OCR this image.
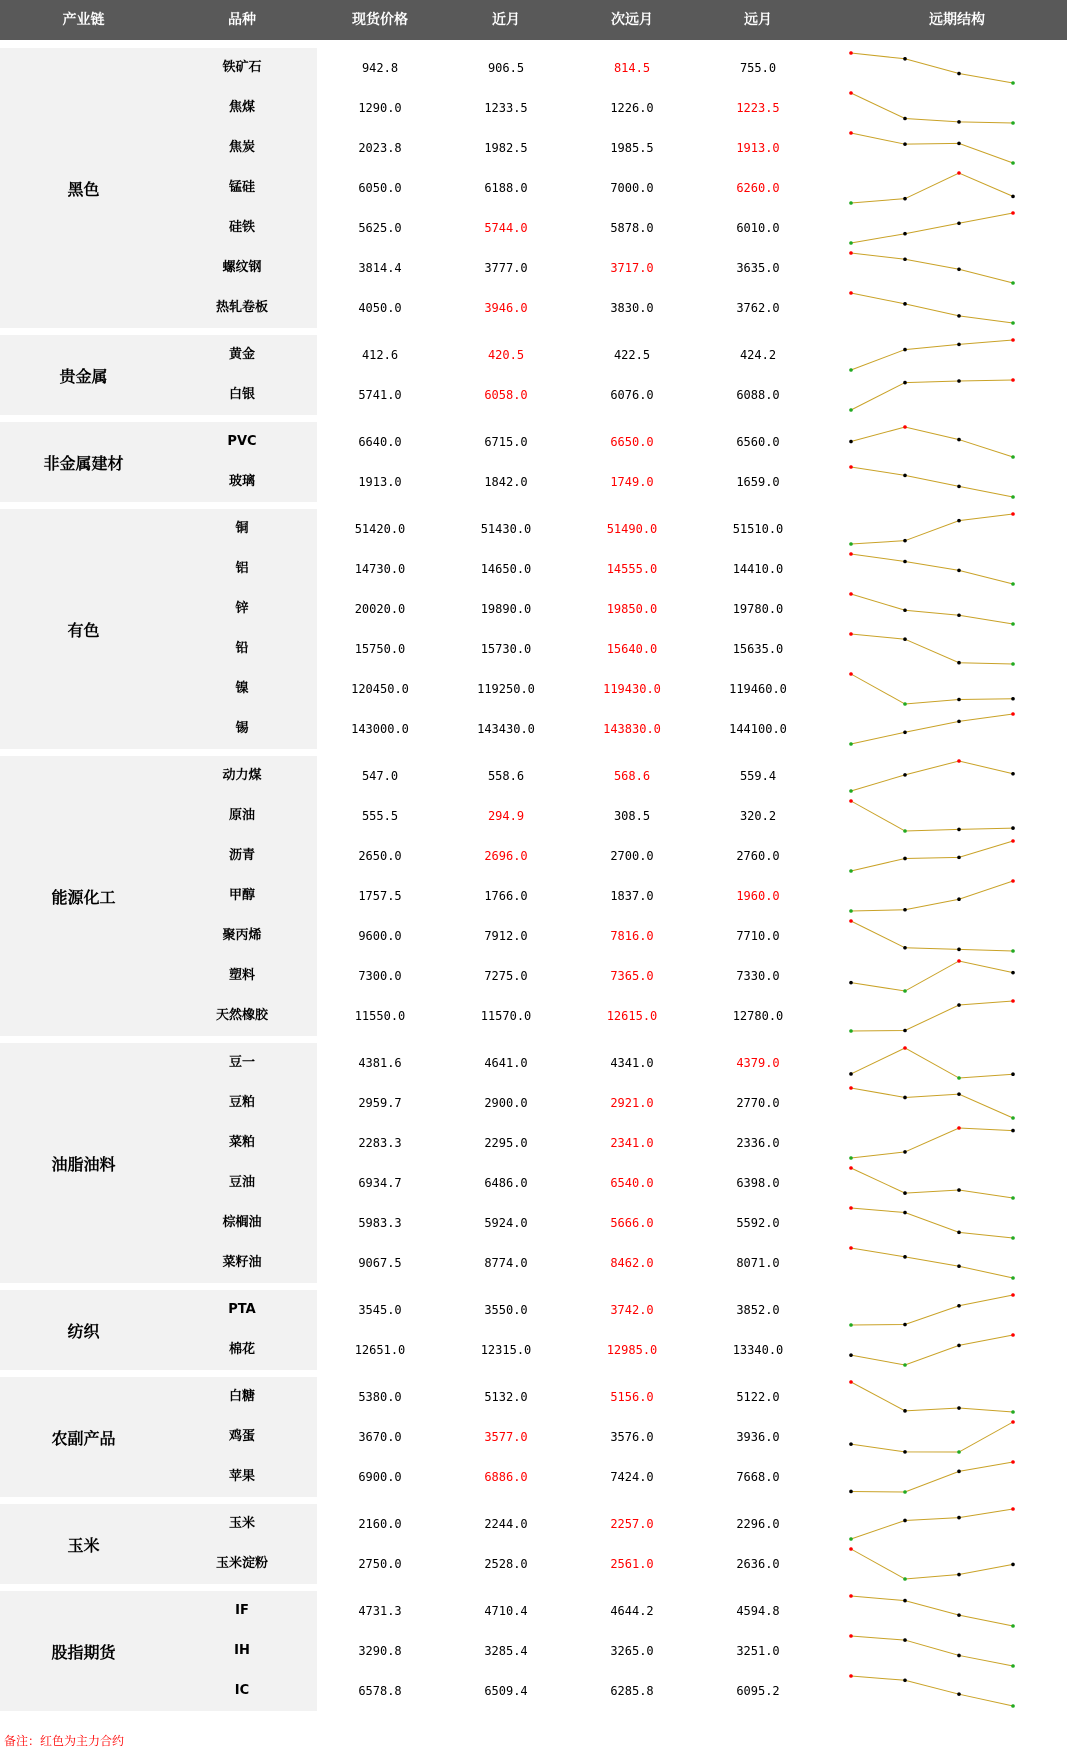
产业链	品种	现货价格	近月	次远月	远月	远期结构
黑色
铁矿石	942.8	906.5	814.5	755.0
焦煤	1290.0	1233.5	1226.0	1223.5
焦炭	2023.8	1982.5	1985.5	1913.0
锰硅	6050.0	6188.0	7000.0	6260.0
硅铁	5625.0	5744.0	5878.0	6010.0
螺纹钢	3814.4	3777.0	3717.0	3635.0
热轧卷板	4050.0	3946.0	3830.0	3762.0
贵金属
黄金	412.6	420.5	422.5	424.2
白银	5741.0	6058.0	6076.0	6088.0
非金属建材
PVC	6640.0	6715.0	6650.0	6560.0
玻璃	1913.0	1842.0	1749.0	1659.0
有色
铜	51420.0	51430.0	51490.0	51510.0
铝	14730.0	14650.0	14555.0	14410.0
锌	20020.0	19890.0	19850.0	19780.0
铅	15750.0	15730.0	15640.0	15635.0
镍	120450.0	119250.0	119430.0	119460.0
锡	143000.0	143430.0	143830.0	144100.0
能源化工
动力煤	547.0	558.6	568.6	559.4
原油	555.5	294.9	308.5	320.2
沥青	2650.0	2696.0	2700.0	2760.0
甲醇	1757.5	1766.0	1837.0	1960.0
聚丙烯	9600.0	7912.0	7816.0	7710.0
塑料	7300.0	7275.0	7365.0	7330.0
天然橡胶	11550.0	11570.0	12615.0	12780.0
油脂油料
豆一	4381.6	4641.0	4341.0	4379.0
豆粕	2959.7	2900.0	2921.0	2770.0
菜粕	2283.3	2295.0	2341.0	2336.0
豆油	6934.7	6486.0	6540.0	6398.0
棕榈油	5983.3	5924.0	5666.0	5592.0
菜籽油	9067.5	8774.0	8462.0	8071.0
纺织
PTA	3545.0	3550.0	3742.0	3852.0
棉花	12651.0	12315.0	12985.0	13340.0
农副产品
白糖	5380.0	5132.0	5156.0	5122.0
鸡蛋	3670.0	3577.0	3576.0	3936.0
苹果	6900.0	6886.0	7424.0	7668.0
玉米
玉米	2160.0	2244.0	2257.0	2296.0
玉米淀粉	2750.0	2528.0	2561.0	2636.0
股指期货
IF	4731.3	4710.4	4644.2	4594.8
IH	3290.8	3285.4	3265.0	3251.0
IC	6578.8	6509.4	6285.8	6095.2
备注：红色为主力合约
